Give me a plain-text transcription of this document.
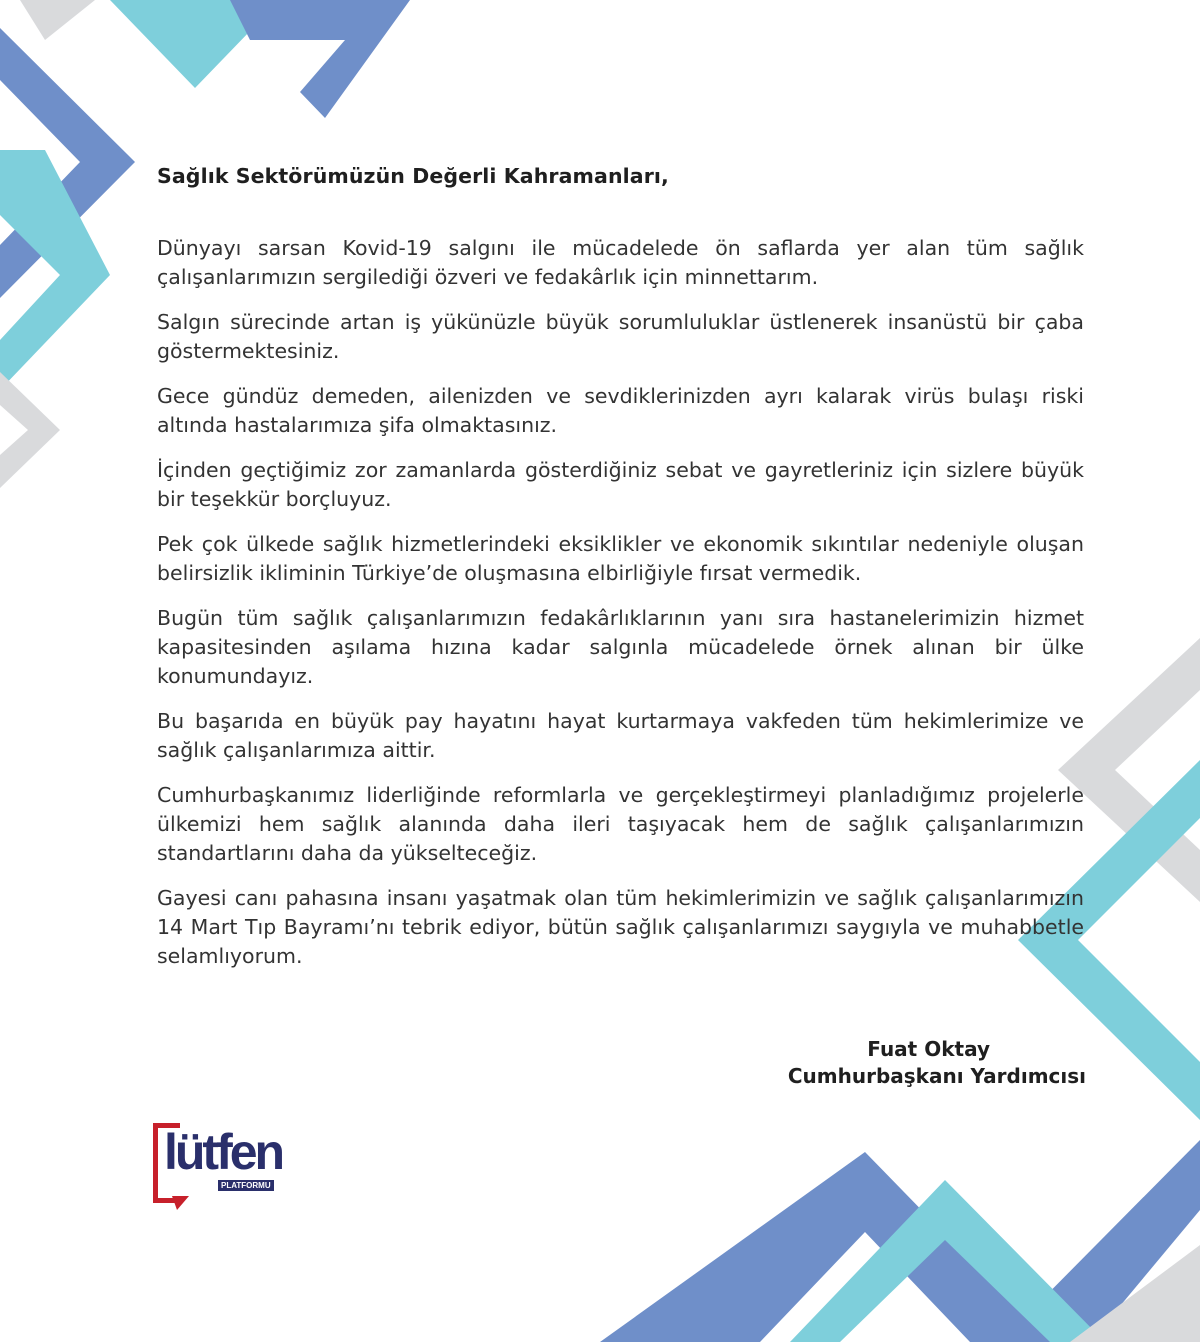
Sağlık Sektörümüzün Değerli Kahramanları,

Dünyayı sarsan Kovid-19 salgını ile mücadelede ön saflarda yer alan tüm sağlık çalışanlarımızın sergilediği özveri ve fedakârlık için minnettarım.

Salgın sürecinde artan iş yükünüzle büyük sorumluluklar üstlenerek insanüstü bir çaba göstermektesiniz.

Gece gündüz demeden, ailenizden ve sevdiklerinizden ayrı kalarak virüs bulaşı riski altında hastalarımıza şifa olmaktasınız.

İçinden geçtiğimiz zor zamanlarda gösterdiğiniz sebat ve gayretleriniz için sizlere büyük bir teşekkür borçluyuz.

Pek çok ülkede sağlık hizmetlerindeki eksiklikler ve ekonomik sıkıntılar nedeniyle oluşan belirsizlik ikliminin Türkiye’de oluşmasına elbirliğiyle fırsat vermedik.

Bugün tüm sağlık çalışanlarımızın fedakârlıklarının yanı sıra hastanelerimizin hizmet kapasitesinden aşılama hızına kadar salgınla mücadelede örnek alınan bir ülke konumundayız.

Bu başarıda en büyük pay hayatını hayat kurtarmaya vakfeden tüm hekimlerimize ve sağlık çalışanlarımıza aittir.

Cumhurbaşkanımız liderliğinde reformlarla ve gerçekleştirmeyi planladığımız projelerle ülkemizi hem sağlık alanında daha ileri taşıyacak hem de sağlık çalışanlarımızın standartlarını daha da yükselteceğiz.

Gayesi canı pahasına insanı yaşatmak olan tüm hekimlerimizin ve sağlık çalışanlarımızın 14 Mart Tıp Bayramı’nı tebrik ediyor, bütün sağlık çalışanlarımızı saygıyla ve muhabbetle selamlıyorum.

Fuat Oktay
Cumhurbaşkanı Yardımcısı
lütfen
PLATFORMU
